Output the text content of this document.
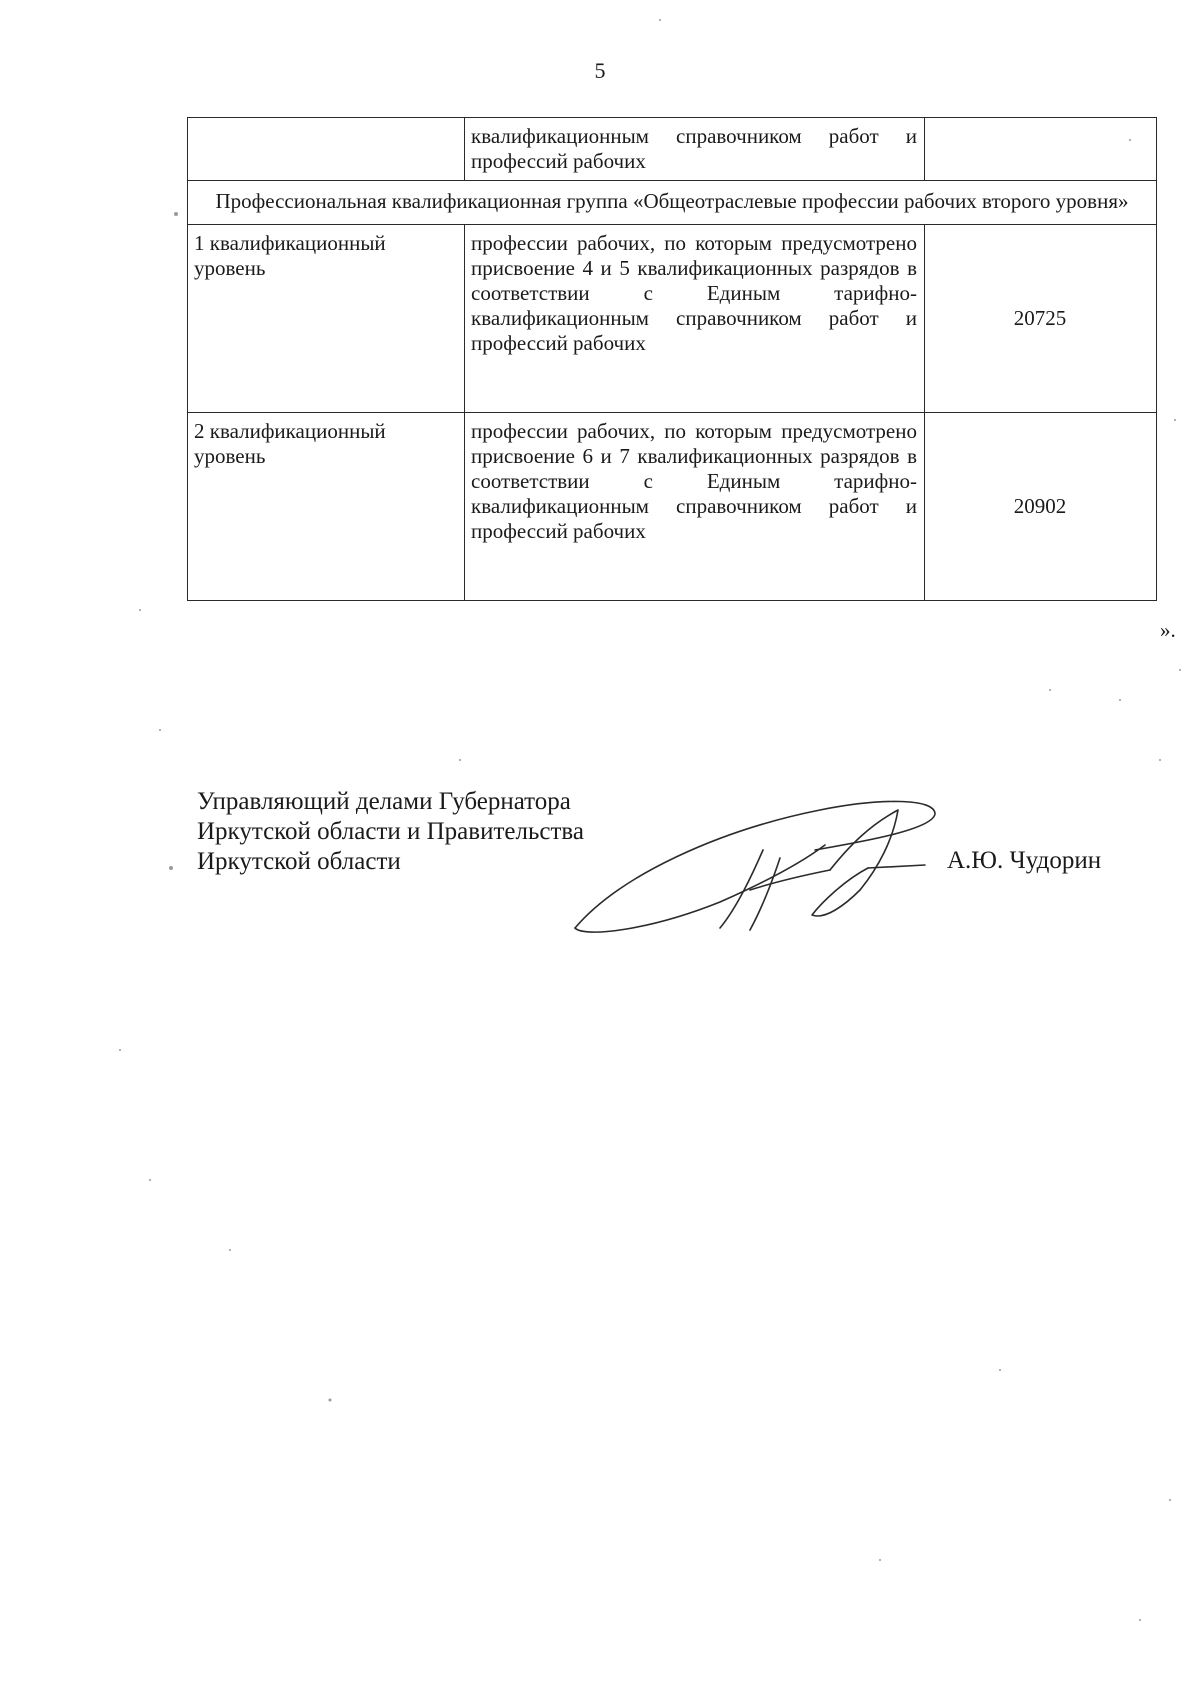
5
	квалификационным справочником работ и профессий рабочих	
Профессиональная квалификационная группа «Общеотраслевые профессии рабочих второго уровня»		
1 квалификационный уровень	профессии рабочих, по которым предусмотрено присвоение 4 и 5 квалификационных разрядов в соответствии с Единым тарифно-квалификационным справочником работ и профессий рабочих	20725
2 квалификационный уровень	профессии рабочих, по которым предусмотрено присвоение 6 и 7 квалификационных разрядов в соответствии с Единым тарифно-квалификационным справочником работ и профессий рабочих	20902
».
Управляющий делами Губернатора
Иркутской области и Правительства
Иркутской области	А.Ю. Чудорин
